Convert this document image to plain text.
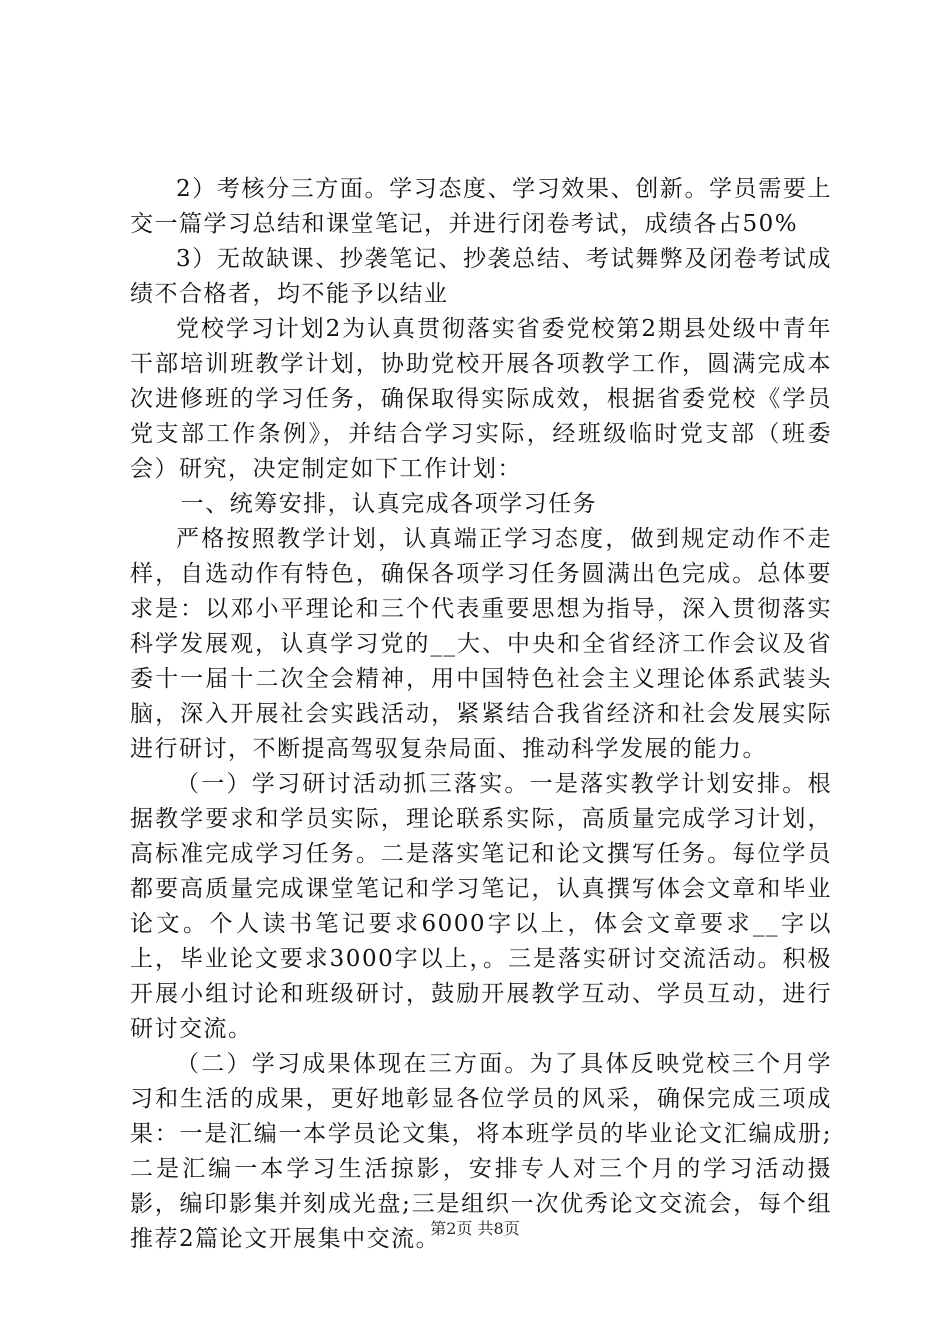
2）考核分三方面。学习态度、学习效果、创新。学员需要上交一篇学习总结和课堂笔记，并进行闭卷考试，成绩各占50%

3）无故缺课、抄袭笔记、抄袭总结、考试舞弊及闭卷考试成绩不合格者，均不能予以结业

党校学习计划2为认真贯彻落实省委党校第2期县处级中青年干部培训班教学计划，协助党校开展各项教学工作，圆满完成本次进修班的学习任务，确保取得实际成效，根据省委党校《学员党支部工作条例》，并结合学习实际，经班级临时党支部（班委会）研究，决定制定如下工作计划：

一、统筹安排，认真完成各项学习任务

严格按照教学计划，认真端正学习态度，做到规定动作不走样，自选动作有特色，确保各项学习任务圆满出色完成。总体要求是：以邓小平理论和三个代表重要思想为指导，深入贯彻落实科学发展观，认真学习党的__大、中央和全省经济工作会议及省委十一届十二次全会精神，用中国特色社会主义理论体系武装头脑，深入开展社会实践活动，紧紧结合我省经济和社会发展实际进行研讨，不断提高驾驭复杂局面、推动科学发展的能力。

（一）学习研讨活动抓三落实。一是落实教学计划安排。根据教学要求和学员实际，理论联系实际，高质量完成学习计划，高标准完成学习任务。二是落实笔记和论文撰写任务。每位学员都要高质量完成课堂笔记和学习笔记，认真撰写体会文章和毕业论文。个人读书笔记要求6000字以上，体会文章要求__字以上，毕业论文要求3000字以上，。三是落实研讨交流活动。积极开展小组讨论和班级研讨，鼓励开展教学互动、学员互动，进行研讨交流。

（二）学习成果体现在三方面。为了具体反映党校三个月学习和生活的成果，更好地彰显各位学员的风采，确保完成三项成果：一是汇编一本学员论文集，将本班学员的毕业论文汇编成册;二是汇编一本学习生活掠影，安排专人对三个月的学习活动摄影，编印影集并刻成光盘;三是组织一次优秀论文交流会，每个组推荐2篇论文开展集中交流。

第2页 共8页
